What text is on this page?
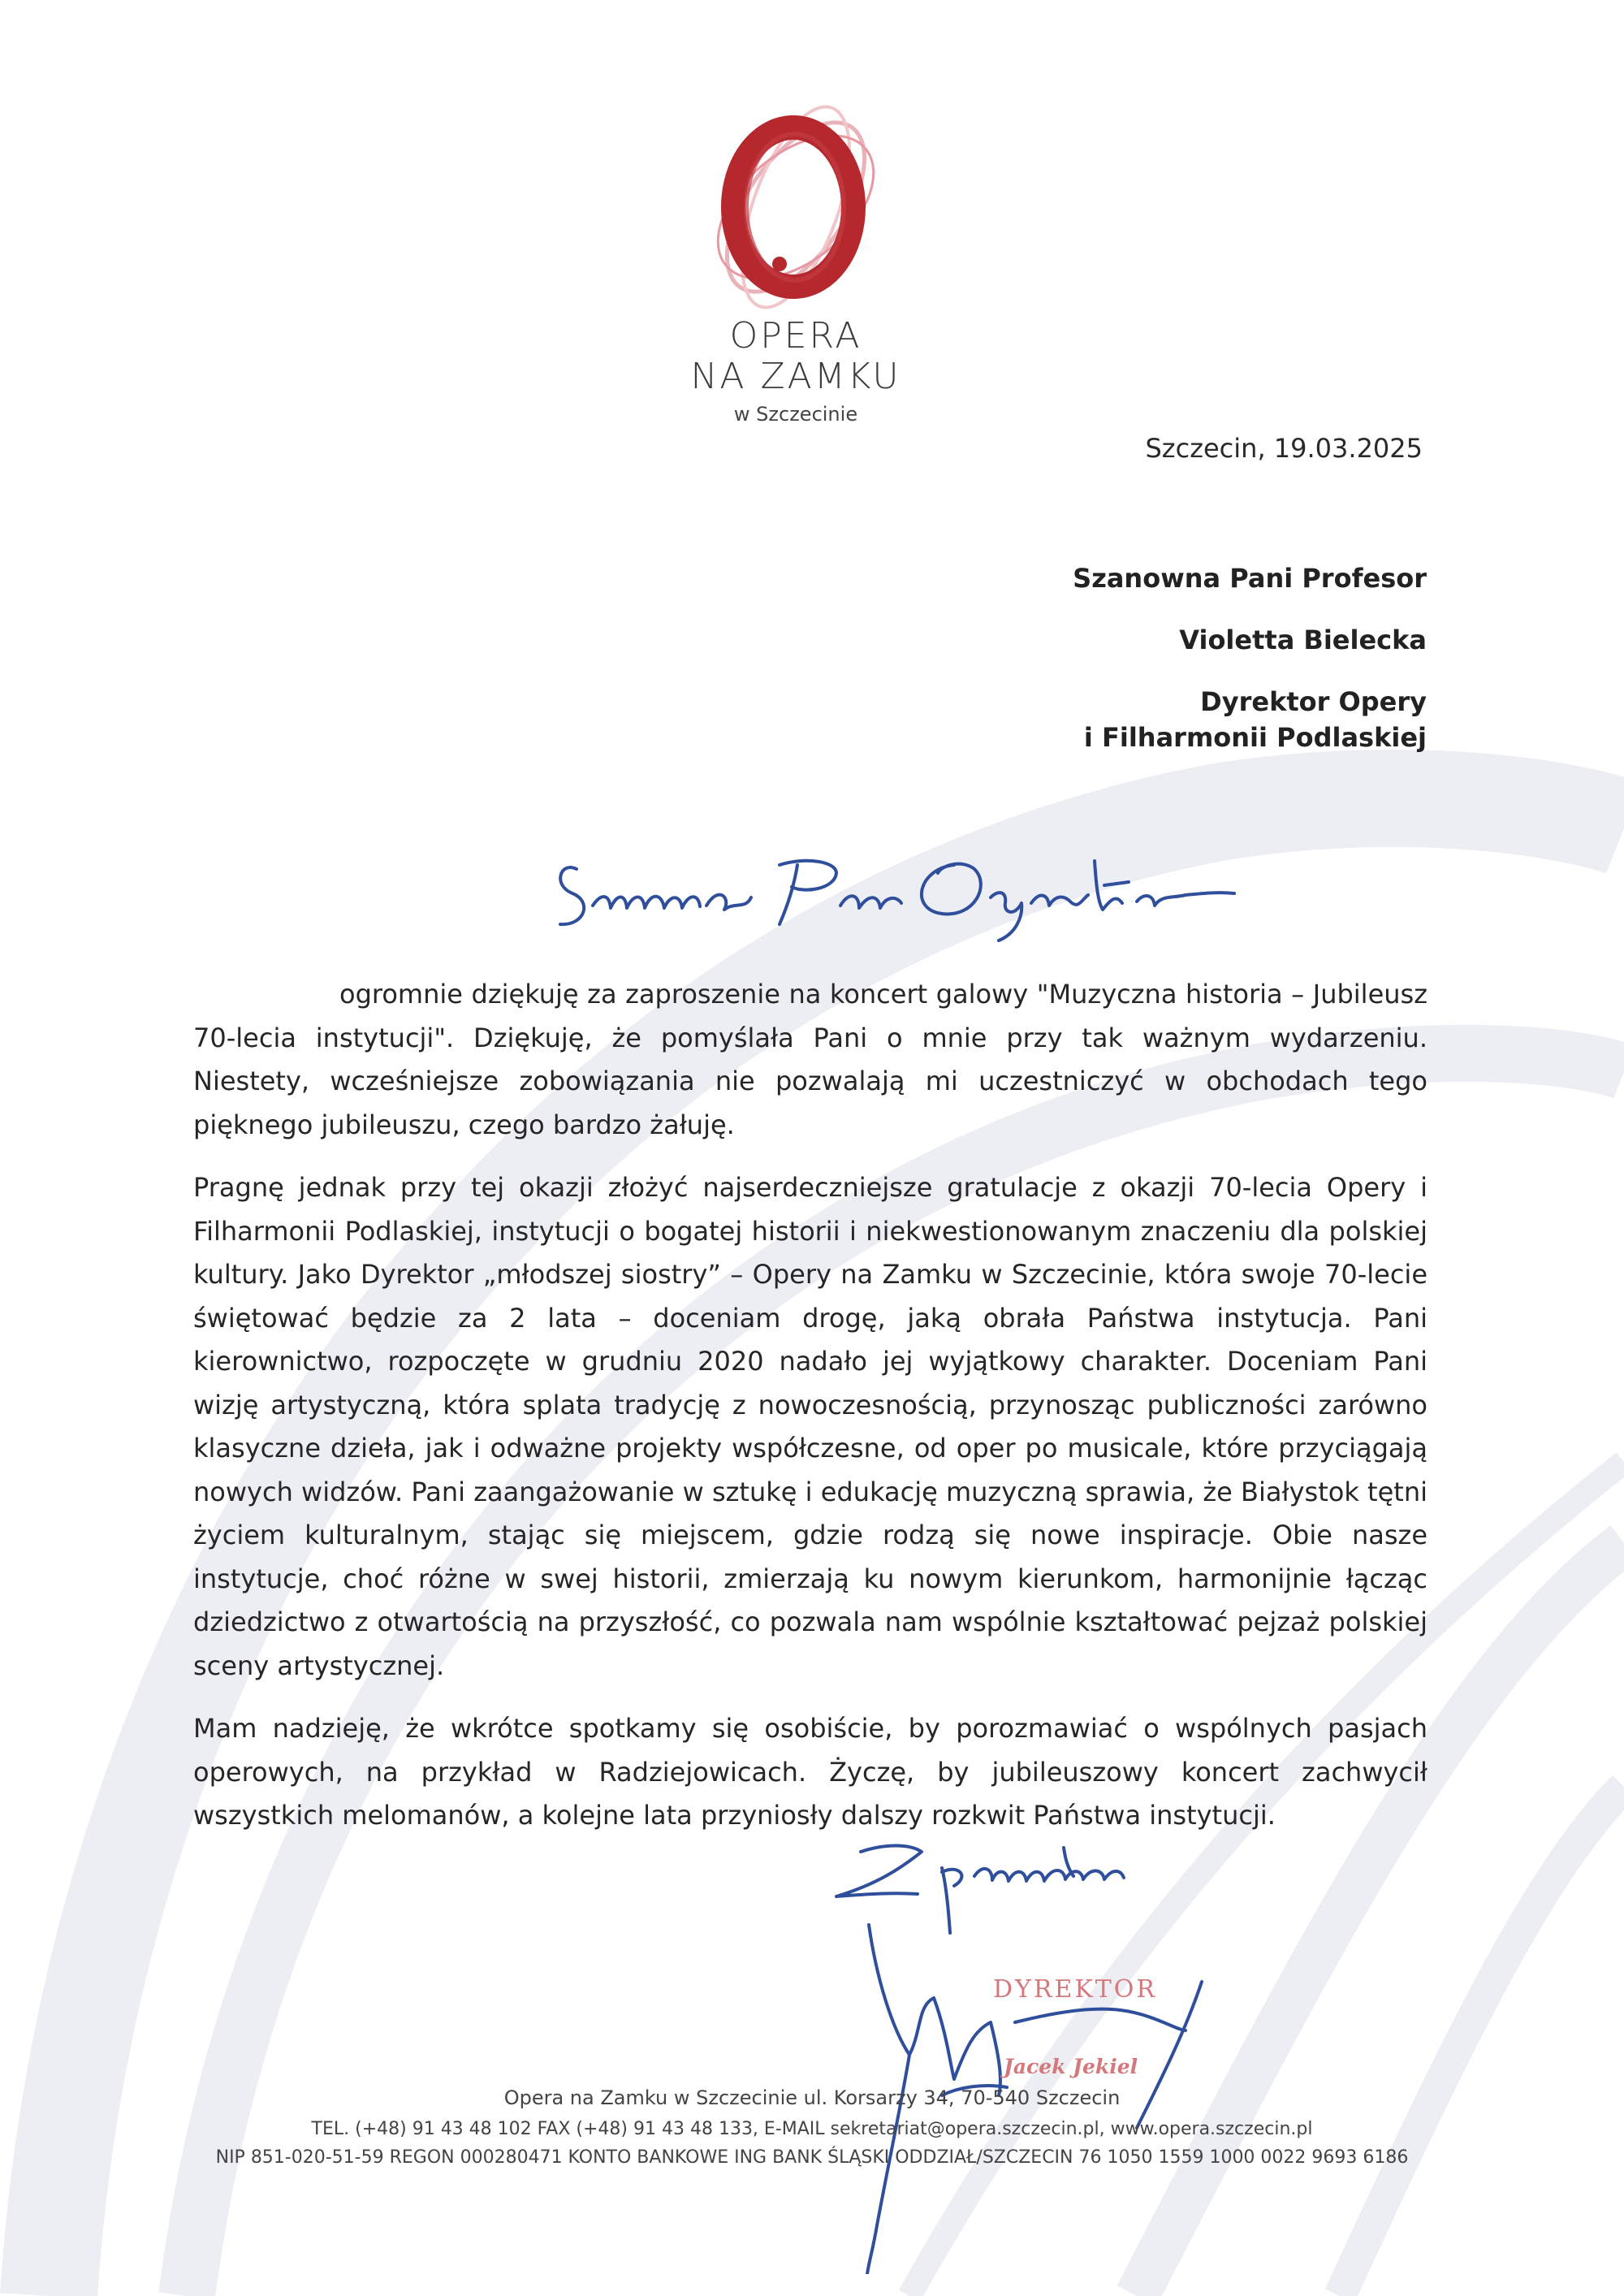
OPERA
NA ZAMKU
w Szczecinie
Szczecin, 19.03.2025
Szanowna Pani Profesor
Violetta Bielecka
Dyrektor Opery
i Filharmonii Podlaskiej

ogromnie dziękuję za zaproszenie na koncert galowy "Muzyczna historia – Jubileusz 70-lecia instytucji". Dziękuję, że pomyślała Pani o mnie przy tak ważnym wydarzeniu. Niestety, wcześniejsze zobowiązania nie pozwalają mi uczestniczyć w obchodach tego pięknego jubileuszu, czego bardzo żałuję.

Pragnę jednak przy tej okazji złożyć najserdeczniejsze gratulacje z okazji 70-lecia Opery i Filharmonii Podlaskiej, instytucji o bogatej historii i niekwestionowanym znaczeniu dla polskiej kultury. Jako Dyrektor „młodszej siostry” – Opery na Zamku w Szczecinie, która swoje 70-lecie świętować będzie za 2 lata – doceniam drogę, jaką obrała Państwa instytucja. Pani kierownictwo, rozpoczęte w grudniu 2020 nadało jej wyjątkowy charakter. Doceniam Pani wizję artystyczną, która splata tradycję z nowoczesnością, przynosząc publiczności zarówno klasyczne dzieła, jak i odważne projekty współczesne, od oper po musicale, które przyciągają nowych widzów. Pani zaangażowanie w sztukę i edukację muzyczną sprawia, że Białystok tętni życiem kulturalnym, stając się miejscem, gdzie rodzą się nowe inspiracje. Obie nasze instytucje, choć różne w swej historii, zmierzają ku nowym kierunkom, harmonijnie łącząc dziedzictwo z otwartością na przyszłość, co pozwala nam wspólnie kształtować pejzaż polskiej sceny artystycznej.

Mam nadzieję, że wkrótce spotkamy się osobiście, by porozmawiać o wspólnych pasjach operowych, na przykład w Radziejowicach. Życzę, by jubileuszowy koncert zachwycił wszystkich melomanów, a kolejne lata przyniosły dalszy rozkwit Państwa instytucji.

DYREKTOR
Jacek Jekiel
Opera na Zamku w Szczecinie ul. Korsarzy 34, 70-540 Szczecin
TEL. (+48) 91 43 48 102 FAX (+48) 91 43 48 133, E-MAIL sekretariat@opera.szczecin.pl, www.opera.szczecin.pl
NIP 851-020-51-59 REGON 000280471 KONTO BANKOWE ING BANK ŚLĄSKI ODDZIAŁ/SZCZECIN 76 1050 1559 1000 0022 9693 6186
